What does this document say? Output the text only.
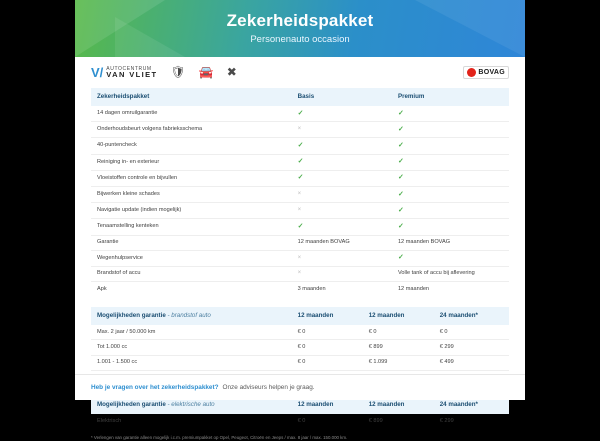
Zekerheidspakket
Personenauto occasion
V/ AUTOCENTRUM
VAN VLIET 🛡 🚘 ✖	BOVAG
Zekerheidspakket	Basis	Premium
14 dagen omruilgarantie	✓	✓
Onderhoudsbeurt volgens fabrieksschema	×	✓
40-puntencheck	✓	✓
Reiniging in- en exterieur	✓	✓
Vloeistoffen controle en bijvullen	✓	✓
Bijwerken kleine schades	×	✓
Navigatie update (indien mogelijk)	×	✓
Tenaamstelling kenteken	✓	✓
Garantie	12 maanden BOVAG	12 maanden BOVAG
Wegenhulpservice	×	✓
Brandstof of accu	×	Volle tank of accu bij aflevering
Apk	3 maanden	12 maanden
Mogelijkheden garantie - brandstof auto	12 maanden	12 maanden	24 maanden*
Max. 2 jaar / 50.000 km	€ 0	€ 0	€ 0
Tot 1.000 cc	€ 0	€ 899	€ 299
1.001 - 1.500 cc	€ 0	€ 1.099	€ 499

Mogelijkheden garantie - elektrische auto	12 maanden	12 maanden	24 maanden*
Elektrisch	€ 0	€ 899	€ 299
* Verlengen van garantie alleen mogelijk i.c.m. premiumpakket op Opel, Peugeot, Citroën en Jeeps / max. 8 jaar / max. 150.000 km.
Heb je vragen over het zekerheidspakket? Onze adviseurs helpen je graag.
